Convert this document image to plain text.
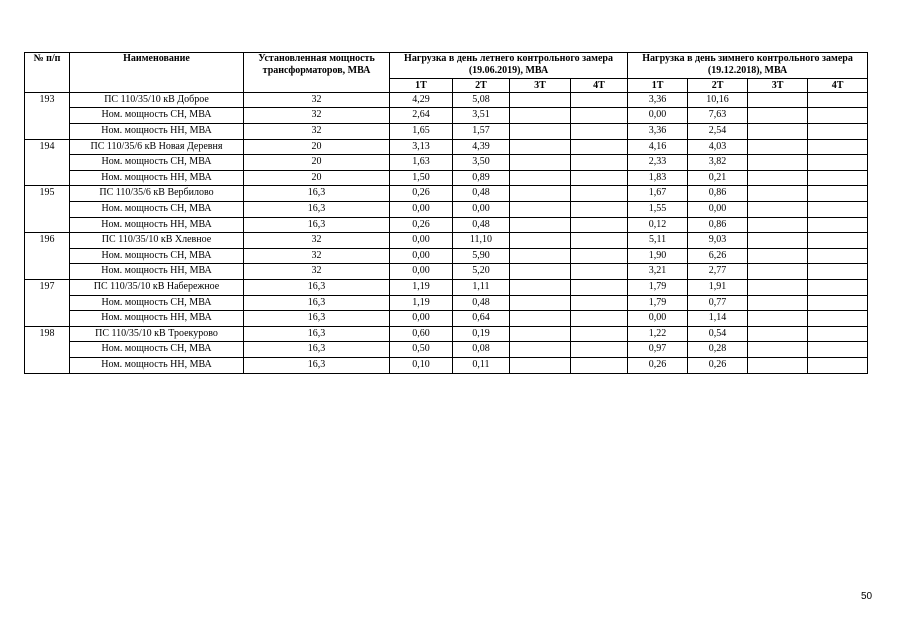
№ п/п	Наименование	Установленная мощность трансформаторов, МВА	Нагрузка в день летнего контрольного замера (19.06.2019), МВА				Нагрузка в день зимнего контрольного замера (19.12.2018), МВА			
			1Т	2Т	3Т	4Т	1Т	2Т	3Т	4Т
193	ПС 110/35/10 кВ Доброе	32	4,29	5,08			3,36	10,16		
	Ном. мощность СН, МВА	32	2,64	3,51			0,00	7,63		
	Ном. мощность НН, МВА	32	1,65	1,57			3,36	2,54		
194	ПС 110/35/6 кВ Новая Деревня	20	3,13	4,39			4,16	4,03		
	Ном. мощность СН, МВА	20	1,63	3,50			2,33	3,82		
	Ном. мощность НН, МВА	20	1,50	0,89			1,83	0,21		
195	ПС 110/35/6 кВ Вербилово	16,3	0,26	0,48			1,67	0,86		
	Ном. мощность СН, МВА	16,3	0,00	0,00			1,55	0,00		
	Ном. мощность НН, МВА	16,3	0,26	0,48			0,12	0,86		
196	ПС 110/35/10 кВ Хлевное	32	0,00	11,10			5,11	9,03		
	Ном. мощность СН, МВА	32	0,00	5,90			1,90	6,26		
	Ном. мощность НН, МВА	32	0,00	5,20			3,21	2,77		
197	ПС 110/35/10 кВ Набережное	16,3	1,19	1,11			1,79	1,91		
	Ном. мощность СН, МВА	16,3	1,19	0,48			1,79	0,77		
	Ном. мощность НН, МВА	16,3	0,00	0,64			0,00	1,14		
198	ПС 110/35/10 кВ Троекурово	16,3	0,60	0,19			1,22	0,54		
	Ном. мощность СН, МВА	16,3	0,50	0,08			0,97	0,28		
	Ном. мощность НН, МВА	16,3	0,10	0,11			0,26	0,26		
50
